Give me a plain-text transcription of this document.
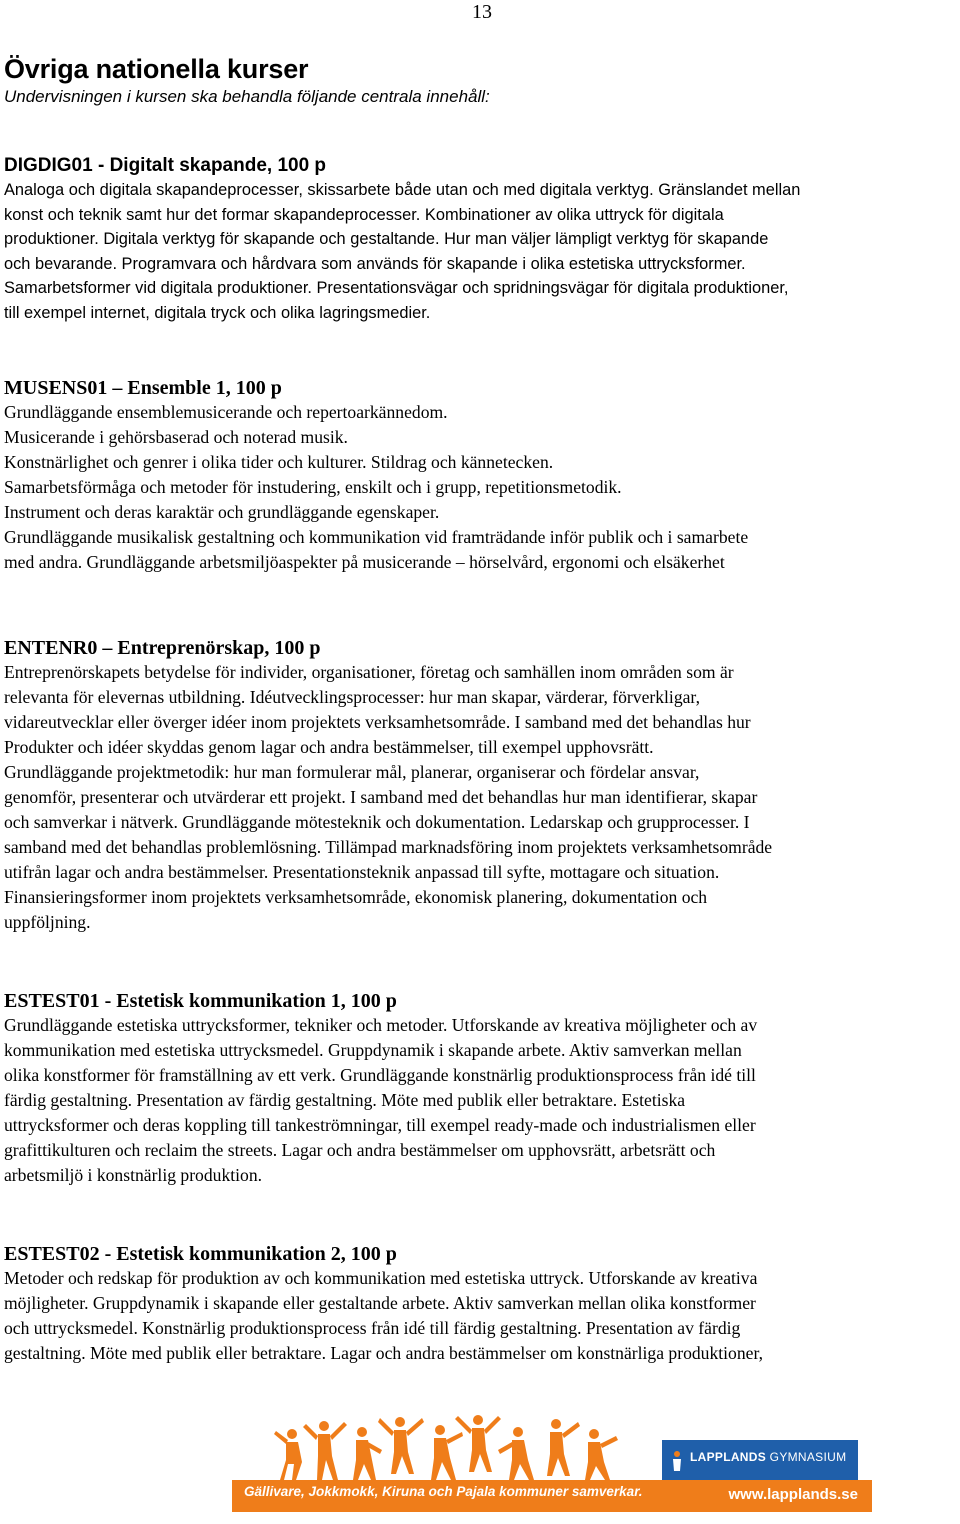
13
Övriga nationella kurser

Undervisningen i kursen ska behandla följande centrala innehåll:

DIGDIG01 - Digitalt skapande, 100 p

Analoga och digitala skapandeprocesser, skissarbete både utan och med digitala verktyg. Gränslandet mellan
konst och teknik samt hur det formar skapandeprocesser. Kombinationer av olika uttryck för digitala
produktioner. Digitala verktyg för skapande och gestaltande. Hur man väljer lämpligt verktyg för skapande
och bevarande. Programvara och hårdvara som används för skapande i olika estetiska uttrycksformer.
Samarbetsformer vid digitala produktioner. Presentationsvägar och spridningsvägar för digitala produktioner,
till exempel internet, digitala tryck och olika lagringsmedier.

MUSENS01 – Ensemble 1, 100 p

Grundläggande ensemblemusicerande och repertoarkännedom.
Musicerande i gehörsbaserad och noterad musik.
Konstnärlighet och genrer i olika tider och kulturer. Stildrag och kännetecken.
Samarbetsförmåga och metoder för instudering, enskilt och i grupp, repetitionsmetodik.
Instrument och deras karaktär och grundläggande egenskaper.
Grundläggande musikalisk gestaltning och kommunikation vid framträdande inför publik och i samarbete
med andra. Grundläggande arbetsmiljöaspekter på musicerande – hörselvård, ergonomi och elsäkerhet

ENTENR0 – Entreprenörskap, 100 p

Entreprenörskapets betydelse för individer, organisationer, företag och samhällen inom områden som är
relevanta för elevernas utbildning. Idéutvecklingsprocesser: hur man skapar, värderar, förverkligar,
vidareutvecklar eller överger idéer inom projektets verksamhetsområde. I samband med det behandlas hur
Produkter och idéer skyddas genom lagar och andra bestämmelser, till exempel upphovsrätt.
Grundläggande projektmetodik: hur man formulerar mål, planerar, organiserar och fördelar ansvar,
genomför, presenterar och utvärderar ett projekt. I samband med det behandlas hur man identifierar, skapar
och samverkar i nätverk. Grundläggande mötesteknik och dokumentation. Ledarskap och grupprocesser. I
samband med det behandlas problemlösning. Tillämpad marknadsföring inom projektets verksamhetsområde
utifrån lagar och andra bestämmelser. Presentationsteknik anpassad till syfte, mottagare och situation.
Finansieringsformer inom projektets verksamhetsområde, ekonomisk planering, dokumentation och
uppföljning.

ESTEST01 - Estetisk kommunikation 1, 100 p

Grundläggande estetiska uttrycksformer, tekniker och metoder. Utforskande av kreativa möjligheter och av
kommunikation med estetiska uttrycksmedel. Gruppdynamik i skapande arbete. Aktiv samverkan mellan
olika konstformer för framställning av ett verk. Grundläggande konstnärlig produktionsprocess från idé till
färdig gestaltning. Presentation av färdig gestaltning. Möte med publik eller betraktare. Estetiska
uttrycksformer och deras koppling till tankeströmningar, till exempel ready-made och industrialismen eller
grafittikulturen och reclaim the streets. Lagar och andra bestämmelser om upphovsrätt, arbetsrätt och
arbetsmiljö i konstnärlig produktion.

ESTEST02 - Estetisk kommunikation 2, 100 p

Metoder och redskap för produktion av och kommunikation med estetiska uttryck. Utforskande av kreativa
möjligheter. Gruppdynamik i skapande eller gestaltande arbete. Aktiv samverkan mellan olika konstformer
och uttrycksmedel. Konstnärlig produktionsprocess från idé till färdig gestaltning. Presentation av färdig
gestaltning. Möte med publik eller betraktare. Lagar och andra bestämmelser om konstnärliga produktioner,

LAPPLANDS GYMNASIUM
Gällivare, Jokkmokk, Kiruna och Pajala kommuner samverkar.	www.lapplands.se
